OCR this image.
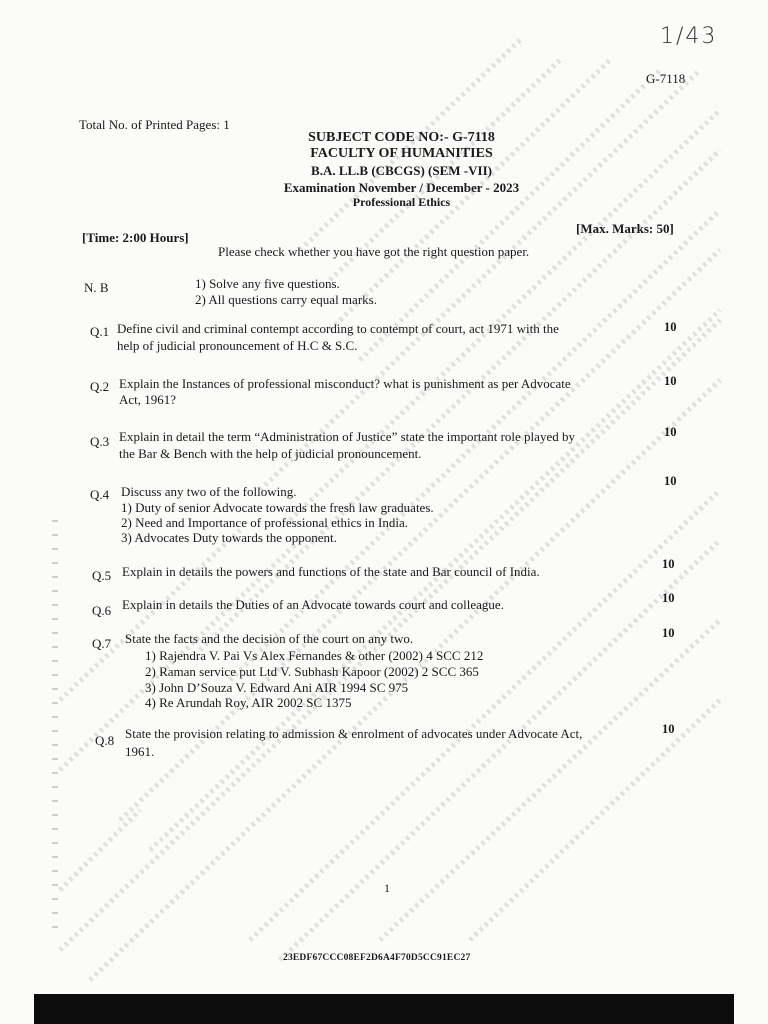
1/43
G-7118
Total No. of Printed Pages: 1
SUBJECT CODE NO:- G-7118
FACULTY OF HUMANITIES
B.A. LL.B (CBCGS) (SEM -VII)
Examination November / December - 2023
Professional Ethics
[Time: 2:00 Hours]
[Max. Marks: 50]
Please check whether you have got the right question paper.
N. B	1) Solve any five questions.
2) All questions carry equal marks.
Q.1 Define civil and criminal contempt according to contempt of court, act 1971 with the
help of judicial pronouncement of H.C & S.C.
10
Q.2 Explain the Instances of professional misconduct? what is punishment as per Advocate
Act, 1961?
10
Q.3 Explain in detail the term “Administration of Justice” state the important role played by
the Bar & Bench with the help of judicial pronouncement.
10
Q.4 Discuss any two of the following.
1) Duty of senior Advocate towards the fresh law graduates.
2) Need and Importance of professional ethics in India.
3) Advocates Duty towards the opponent.
10
Q.5 Explain in details the powers and functions of the state and Bar council of India.	10
Q.6 Explain in details the Duties of an Advocate towards court and colleague.	10
Q.7 State the facts and the decision of the court on any two.
1) Rajendra V. Pai Vs Alex Fernandes & other (2002) 4 SCC 212
2) Raman service put Ltd V. Subhash Kapoor (2002) 2 SCC 365
3) John D’Souza V. Edward Ani AIR 1994 SC 975
4) Re Arundah Roy, AIR 2002 SC 1375
10
Q.8 State the provision relating to admission & enrolment of advocates under Advocate Act,
1961.
10
1
23EDF67CCC08EF2D6A4F70D5CC91EC27
